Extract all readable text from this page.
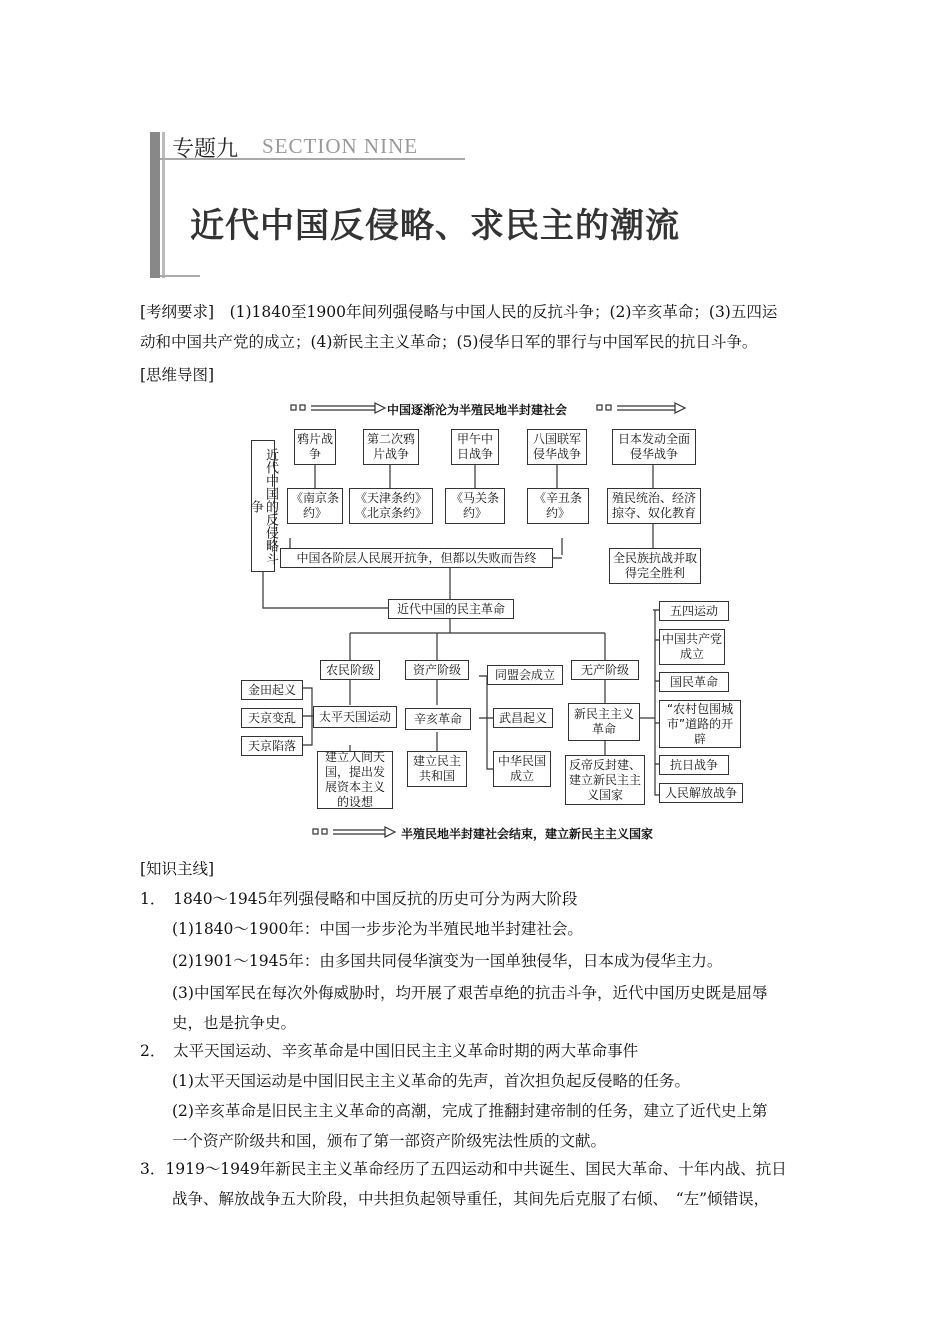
专题九 SECTION NINE
近代中国反侵略、求民主的潮流
[考纲要求]　(1)1840至1900年间列强侵略与中国人民的反抗斗争；(2)辛亥革命；(3)五四运
动和中国共产党的成立；(4)新民主主义革命；(5)侵华日军的罪行与中国军民的抗日斗争。
[思维导图]
中国逐渐沦为半殖民地半封建社会
半殖民地半封建社会结束，建立新民主主义国家
近代中国的反侵略斗争
鸦片战争
第二次鸦片战争
甲午中日战争
八国联军侵华战争
日本发动全面侵华战争
《南京条约》
《天津条约》《北京条约》
《马关条约》
《辛丑条约》
殖民统治、经济掠夺、奴化教育
中国各阶层人民展开抗争，但都以失败而告终	全民族抗战并取得完全胜利
近代中国的民主革命
农民阶级	资产阶级	无产阶级
金田起义
天京变乱
天京陷落
太平天国运动
建立人间天国，提出发展资本主义的设想
辛亥革命
建立民主共和国
同盟会成立
武昌起义
中华民国成立
新民主主义革命
反帝反封建、建立新民主主义国家
五四运动
中国共产党成立
国民革命
“农村包围城市”道路的开辟
抗日战争
人民解放战争
[知识主线]
1．　1840～1945年列强侵略和中国反抗的历史可分为两大阶段
(1)1840～1900年：中国一步步沦为半殖民地半封建社会。
(2)1901～1945年：由多国共同侵华演变为一国单独侵华，日本成为侵华主力。
(3)中国军民在每次外侮威胁时，均开展了艰苦卓绝的抗击斗争，近代中国历史既是屈辱
史，也是抗争史。
2．　太平天国运动、辛亥革命是中国旧民主主义革命时期的两大革命事件
(1)太平天国运动是中国旧民主主义革命的先声，首次担负起反侵略的任务。
(2)辛亥革命是旧民主主义革命的高潮，完成了推翻封建帝制的任务，建立了近代史上第
一个资产阶级共和国，颁布了第一部资产阶级宪法性质的文献。
3．1919～1949年新民主主义革命经历了五四运动和中共诞生、国民大革命、十年内战、抗日
战争、解放战争五大阶段，中共担负起领导重任，其间先后克服了右倾、　“左”倾错误，
